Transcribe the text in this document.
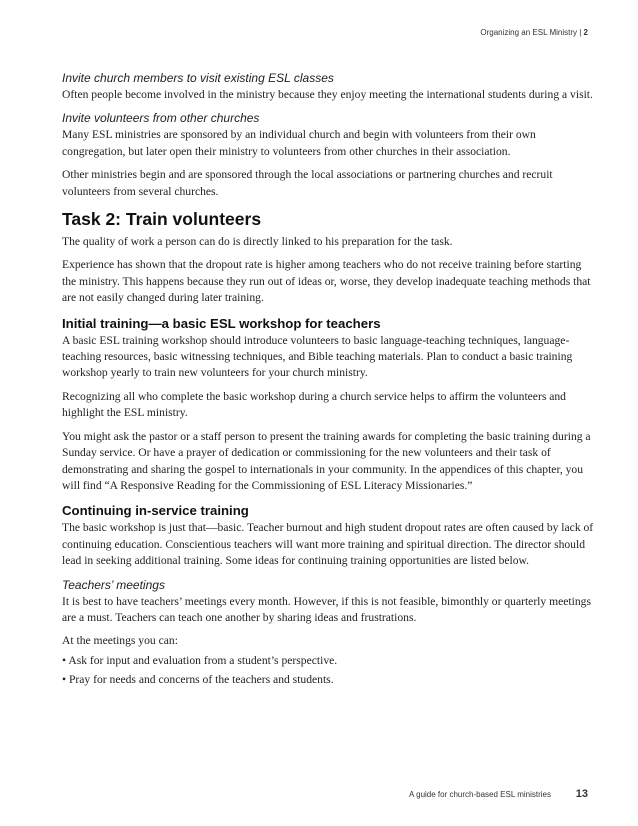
Organizing an ESL Ministry | 2
Invite church members to visit existing ESL classes

Often people become involved in the ministry because they enjoy meeting the international students during a visit.

Invite volunteers from other churches

Many ESL ministries are sponsored by an individual church and begin with volunteers from their own congregation, but later open their ministry to volunteers from other churches in their association.

Other ministries begin and are sponsored through the local associations or partnering churches and recruit volunteers from several churches.

Task 2: Train volunteers

The quality of work a person can do is directly linked to his preparation for the task.

Experience has shown that the dropout rate is higher among teachers who do not receive training before starting the ministry. This happens because they run out of ideas or, worse, they develop inadequate teaching methods that are not easily changed during later training.

Initial training—a basic ESL workshop for teachers

A basic ESL training workshop should introduce volunteers to basic language-teaching techniques, language-teaching resources, basic witnessing techniques, and Bible teaching materials. Plan to conduct a basic training workshop yearly to train new volunteers for your church ministry.

Recognizing all who complete the basic workshop during a church service helps to affirm the volunteers and highlight the ESL ministry.

You might ask the pastor or a staff person to present the training awards for completing the basic training during a Sunday service. Or have a prayer of dedication or commissioning for the new volunteers and their task of demonstrating and sharing the gospel to internationals in your community. In the appendices of this chapter, you will find “A Responsive Reading for the Commissioning of ESL Literacy Missionaries.”

Continuing in-service training

The basic workshop is just that—basic. Teacher burnout and high student dropout rates are often caused by lack of continuing education. Conscientious teachers will want more training and spiritual direction. The director should lead in seeking additional training. Some ideas for continuing training opportunities are listed below.

Teachers’ meetings

It is best to have teachers’ meetings every month. However, if this is not feasible, bimonthly or quarterly meetings are a must. Teachers can teach one another by sharing ideas and frustrations.

At the meetings you can:

• Ask for input and evaluation from a student’s perspective.

• Pray for needs and concerns of the teachers and students.

A guide for church-based ESL ministries 13
